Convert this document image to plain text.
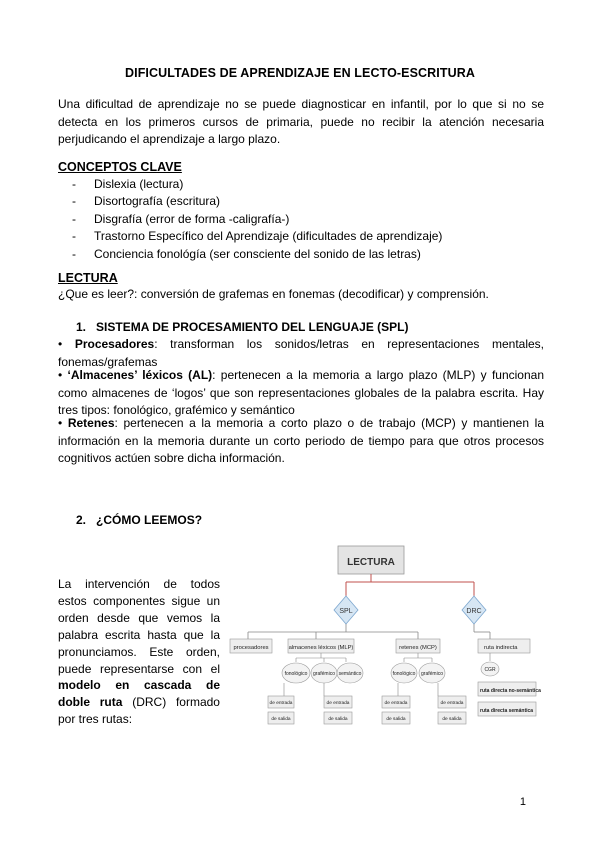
DIFICULTADES DE APRENDIZAJE EN LECTO-ESCRITURA
Una dificultad de aprendizaje no se puede diagnosticar en infantil, por lo que si no se detecta en los primeros cursos de primaria, puede no recibir la atención necesaria perjudicando el aprendizaje a largo plazo.
CONCEPTOS CLAVE
- Dislexia (lectura)
- Disortografía (escritura)
- Disgrafía (error de forma -caligrafía-)
- Trastorno Específico del Aprendizaje (dificultades de aprendizaje)
- Conciencia fonológía (ser consciente del sonido de las letras)
LECTURA
¿Que es leer?: conversión de grafemas en fonemas (decodificar) y comprensión.
1. SISTEMA DE PROCESAMIENTO DEL LENGUAJE (SPL)
• Procesadores: transforman los sonidos/letras en representaciones mentales, fonemas/grafemas
• ‘Almacenes’ léxicos (AL): pertenecen a la memoria a largo plazo (MLP) y funcionan como almacenes de ‘logos’ que son representaciones globales de la palabra escrita. Hay tres tipos: fonológico, grafémico y semántico
• Retenes: pertenecen a la memoria a corto plazo o de trabajo (MCP) y mantienen la información en la memoria durante un corto periodo de tiempo para que otros procesos cognitivos actúen sobre dicha información.
2. ¿CÓMO LEEMOS?
La intervención de todos estos componentes sigue un orden desde que vemos la palabra escrita hasta que la pronunciamos. Este orden, puede representarse con el modelo en cascada de doble ruta (DRC) formado por tres rutas:
LECTURA
SPL	DRC
procesadores	almacenes léxicos (MLP)	retenes (MCP)	ruta indirecta
fonológico grafémico semántico	fonológico grafémico
CGR
ruta directa no-semántica
ruta directa semántica
de entrada
de salida
de entrada
de salida
de entrada
de salida
de entrada
de salida
1
